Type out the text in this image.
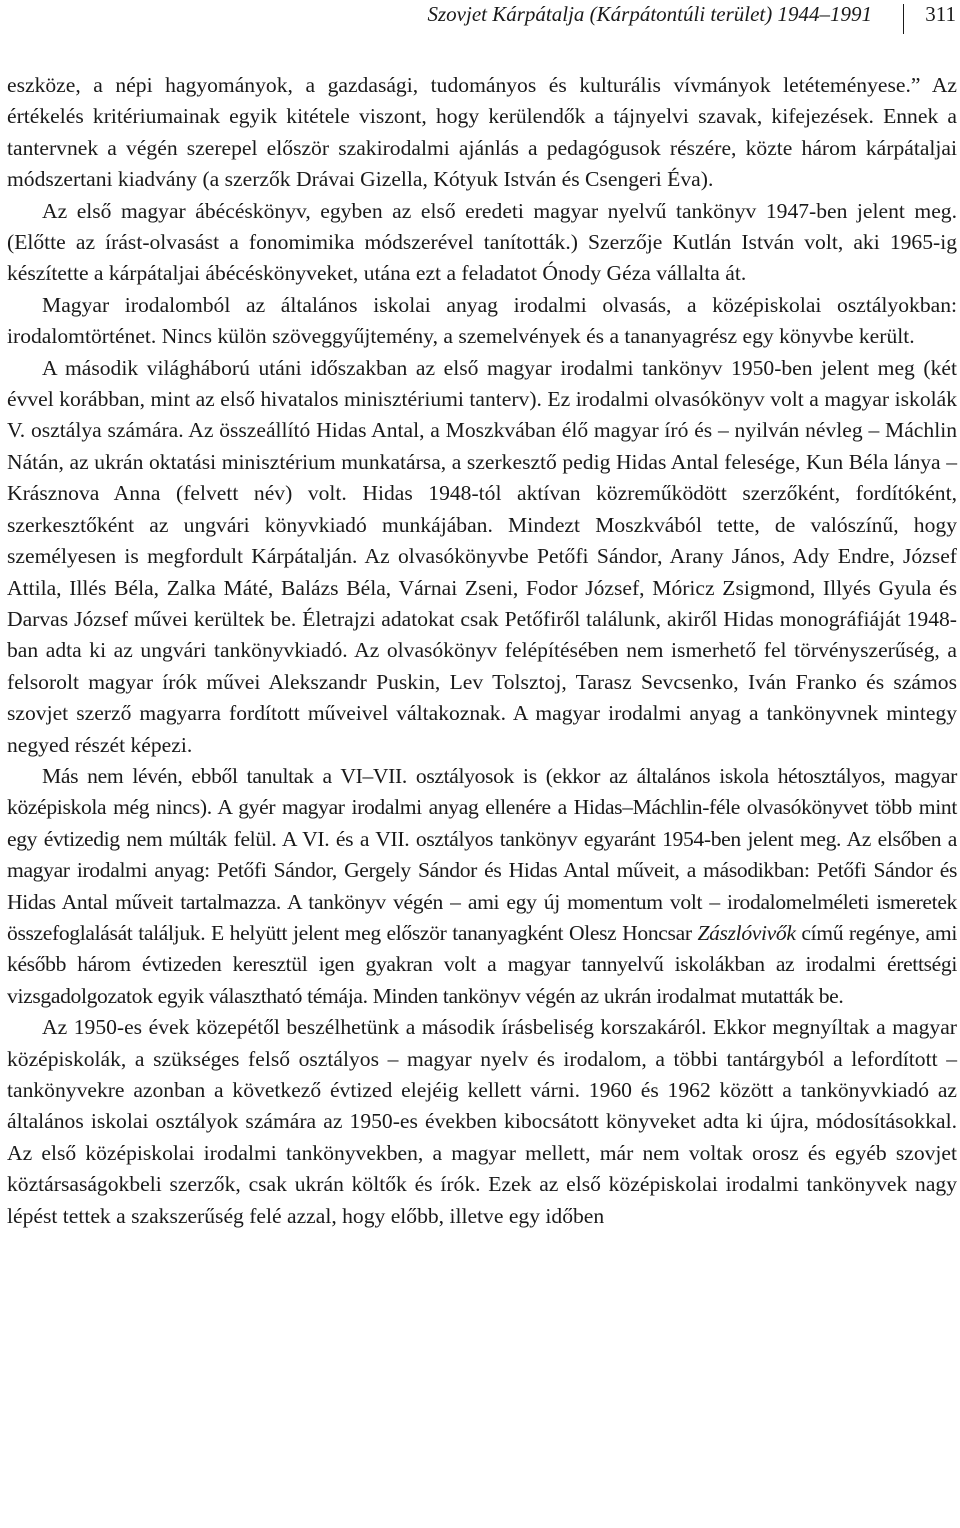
Szovjet Kárpátalja (Kárpátontúli terület) 1944–1991	311

eszköze, a népi hagyományok, a gazdasági, tudományos és kulturális vívmányok letéteményese.” Az értékelés kritériumainak egyik kitétele viszont, hogy kerülendők a tájnyelvi szavak, kifejezések. Ennek a tantervnek a végén szerepel először szakirodalmi ajánlás a pedagógusok részére, közte három kárpátaljai módszertani kiadvány (a szerzők Drávai Gizella, Kótyuk István és Csengeri Éva).

Az első magyar ábécéskönyv, egyben az első eredeti magyar nyelvű tankönyv 1947-ben jelent meg. (Előtte az írást-olvasást a fonomimika módszerével tanították.) Szerzője Kutlán István volt, aki 1965-ig készítette a kárpátaljai ábécéskönyveket, utána ezt a feladatot Ónody Géza vállalta át.

Magyar irodalomból az általános iskolai anyag irodalmi olvasás, a középiskolai osztályokban: irodalomtörténet. Nincs külön szöveggyűjtemény, a szemelvények és a tananyagrész egy könyvbe került.

A második világháború utáni időszakban az első magyar irodalmi tankönyv 1950-ben jelent meg (két évvel korábban, mint az első hivatalos minisztériumi tanterv). Ez irodalmi olvasókönyv volt a magyar iskolák V. osztálya számára. Az összeállító Hidas Antal, a Moszkvában élő magyar író és – nyilván névleg – Máchlin Nátán, az ukrán oktatási minisztérium munkatársa, a szerkesztő pedig Hidas Antal felesége, Kun Béla lánya – Krásznova Anna (felvett név) volt. Hidas 1948-tól aktívan közreműködött szerzőként, fordítóként, szerkesztőként az ungvári könyvkiadó munkájában. Mindezt Moszkvából tette, de valószínű, hogy személyesen is megfordult Kárpátalján. Az olvasókönyvbe Petőfi Sándor, Arany János, Ady Endre, József Attila, Illés Béla, Zalka Máté, Balázs Béla, Várnai Zseni, Fodor József, Móricz Zsigmond, Illyés Gyula és Darvas József művei kerültek be. Életrajzi adatokat csak Petőfiről találunk, akiről Hidas monográfiáját 1948-ban adta ki az ungvári tankönyvkiadó. Az olvasókönyv felépítésében nem ismerhető fel törvényszerűség, a felsorolt magyar írók művei Alekszandr Puskin, Lev Tolsztoj, Tarasz Sevcsenko, Iván Franko és számos szovjet szerző magyarra fordított műveivel váltakoznak. A magyar irodalmi anyag a tankönyvnek mintegy negyed részét képezi.

Más nem lévén, ebből tanultak a VI–VII. osztályosok is (ekkor az általános iskola hétosztályos, magyar középiskola még nincs). A gyér magyar irodalmi anyag ellenére a Hidas–Máchlin-féle olvasókönyvet több mint egy évtizedig nem múlták felül. A VI. és a VII. osztályos tankönyv egyaránt 1954-ben jelent meg. Az elsőben a magyar irodalmi anyag: Petőfi Sándor, Gergely Sándor és Hidas Antal műveit, a másodikban: Petőfi Sándor és Hidas Antal műveit tartalmazza. A tankönyv végén – ami egy új momentum volt – irodalomelméleti ismeretek összefoglalását találjuk. E helyütt jelent meg először tananyagként Olesz Honcsar Zászlóvivők című regénye, ami később három évtizeden keresztül igen gyakran volt a magyar tannyelvű iskolákban az irodalmi érettségi vizsgadolgozatok egyik választható témája. Minden tankönyv végén az ukrán irodalmat mutatták be.

Az 1950-es évek közepétől beszélhetünk a második írásbeliség korszakáról. Ekkor megnyíltak a magyar középiskolák, a szükséges felső osztályos – magyar nyelv és irodalom, a többi tantárgyból a lefordított – tankönyvekre azonban a következő évtized elejéig kellett várni. 1960 és 1962 között a tankönyvkiadó az általános iskolai osztályok számára az 1950-es években kibocsátott könyveket adta ki újra, módosításokkal. Az első középiskolai irodalmi tankönyvekben, a magyar mellett, már nem voltak orosz és egyéb szovjet köztársaságokbeli szerzők, csak ukrán költők és írók. Ezek az első középiskolai irodalmi tankönyvek nagy lépést tettek a szakszerűség felé azzal, hogy előbb, illetve egy időben
